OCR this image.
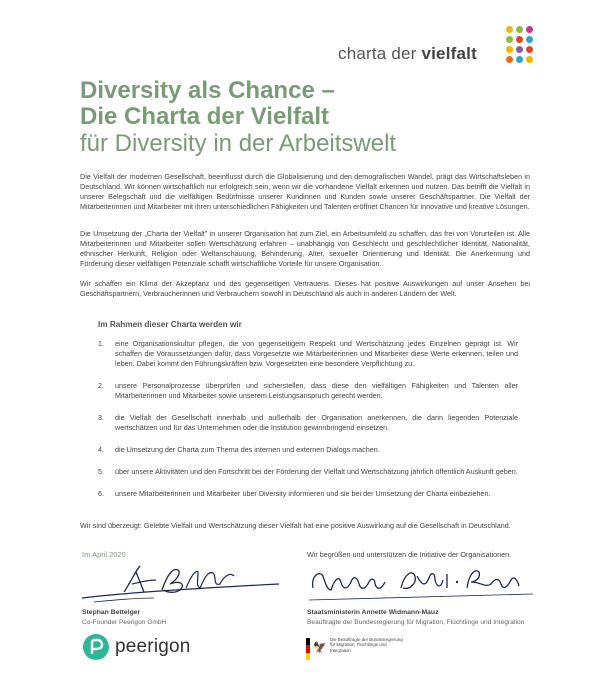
charta der vielfalt
Diversity als Chance –
Die Charta der Vielfalt
für Diversity in der Arbeitswelt

Die Vielfalt der modernen Gesellschaft, beeinflusst durch die Globalisierung und den demografischen Wandel, prägt das Wirtschaftsleben in Deutschland. Wir können wirtschaftlich nur erfolgreich sein, wenn wir die vorhandene Vielfalt erkennen und nutzen. Das betrifft die Vielfalt in unserer Belegschaft und die vielfältigen Bedürfnisse unserer Kundinnen und Kunden sowie unserer Geschäftspartner. Die Vielfalt der Mitarbeiterinnen und Mitarbeiter mit ihren unterschiedlichen Fähigkeiten und Talenten eröffnet Chancen für innovative und kreative Lösungen.

Die Umsetzung der „Charta der Vielfalt" in unserer Organisation hat zum Ziel, ein Arbeitsumfeld zu schaffen, das frei von Vorurteilen ist. Alle Mitarbeiterinnen und Mitarbeiter sollen Wertschätzung erfahren – unabhängig von Geschlecht und geschlechtlicher Identität, Nationalität, ethnischer Herkunft, Religion oder Weltanschauung, Behinderung, Alter, sexueller Orientierung und Identität. Die Anerkennung und Förderung dieser vielfältigen Potenziale schafft wirtschaftliche Vorteile für unsere Organisation.

Wir schaffen ein Klima der Akzeptanz und des gegenseitigen Vertrauens. Dieses hat positive Auswirkungen auf unser Ansehen bei Geschäftspartnern, Verbraucherinnen und Verbrauchern sowohl in Deutschland als auch in anderen Ländern der Welt.

Im Rahmen dieser Charta werden wir
1. eine Organisationskultur pflegen, die von gegenseitigem Respekt und Wertschätzung jedes Einzelnen geprägt ist. Wir schaffen die Voraussetzungen dafür, dass Vorgesetzte wie Mitarbeiterinnen und Mitarbeiter diese Werte erkennen, teilen und leben. Dabei kommt den Führungskräften bzw. Vorgesetzten eine besondere Verpflichtung zu.
2. unsere Personalprozesse überprüfen und sicherstellen, dass diese den vielfältigen Fähigkeiten und Talenten aller Mitarbeiterinnen und Mitarbeiter sowie unserem Leistungsanspruch gerecht werden.
3. die Vielfalt der Gesellschaft innerhalb und außerhalb der Organisation anerkennen, die darin liegenden Potenziale wertschätzen und für das Unternehmen oder die Institution gewinnbringend einsetzen.
4. die Umsetzung der Charta zum Thema des internen und externen Dialogs machen.
5. über unsere Aktivitäten und den Fortschritt bei der Förderung der Vielfalt und Wertschätzung jährlich öffentlich Auskunft geben.
6. unsere Mitarbeiterinnen und Mitarbeiter über Diversity informieren und sie bei der Umsetzung der Charta einbeziehen.

Wir sind überzeugt: Gelebte Vielfalt und Wertschätzung dieser Vielfalt hat eine positive Auswirkung auf die Gesellschaft in Deutschland.

Im April 2020	Wir begrüßen und unterstützen die Initiative der Organisationen.
Stephan Bettelger
Co-Founder Peerigon GmbH
Staatsministerin Annette Widmann-Mauz
Beauftragte der Bundesregierung für Migration, Flüchtlinge und Integration
peerigon	🦅
Die Beauftragte der Bundesregierung
für Migration, Flüchtlinge und
Integration
